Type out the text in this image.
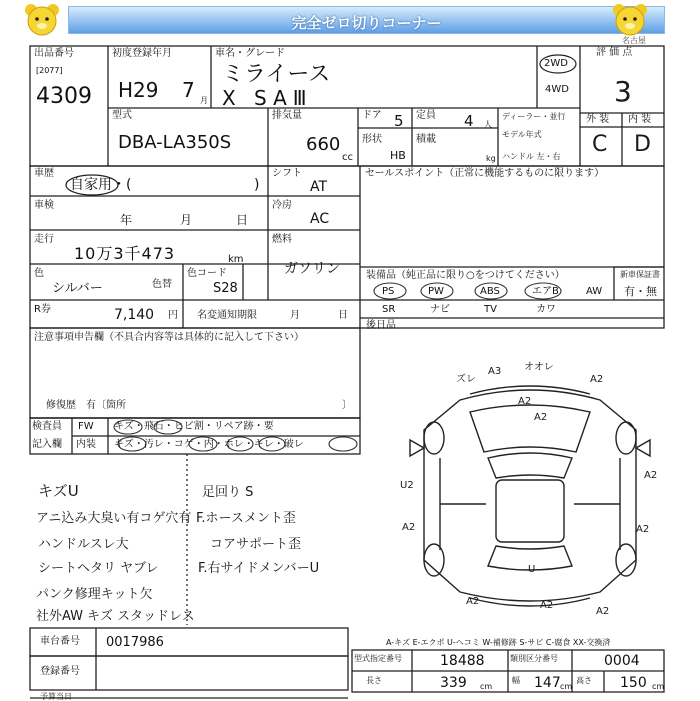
完全ゼロ切りコーナー
名古屋
出品番号
[2077]
4309
初度登録年月
H29 7 月
車名・グレード
ミライース
X SAⅢ
2WD
4WD
評 価 点
3
外 装 内 装
C D
型式
DBA-LA350S
排気量
660
cc
ドア 5 定員 4 人
形状
HB
積載
kg
ディーラー・並行
モデル年式
ハンドル 左・右
車歴
自家用・(	)
シフト
AT
セールスポイント（正常に機能するものに限ります）
車検
年	月	日
冷房
AC
走行
10万3千473	km
燃料
ガソリン
色
シルバー	色替
色コード
S28
装備品（純正品に限り○をつけてください）	新車保証書
有・無
PS	PW	ABS	エアB	AW
SR	ナビ	TV	カワ
R券	7,140 円 名変通知期限	月	日
後日品
注意事項申告欄（不具合内容等は具体的に記入して下さい）
修復歴　有〔箇所	〕
検査員
記入欄
FW キズ・飛石・ヒビ割・リペア跡・要
内装 キズ・汚レ・コゲ・内・ホレ・キレ・破レ
キズU
アニ込み大臭い有コゲ穴有
ハンドルスレ大
シートヘタリ ヤブレ
パンク修理キット欠
社外AW キズ スタッドレス
足回り S
F.ホースメント歪
コアサポート歪
F.右サイドメンバーU
A3 オオレ
A2
A2
A2
ズレ
U2
A2
A2	A2
A2
A2
A2
U
A-キズ E-エクボ U-ヘコミ W-補修跡 S-サビ C-腐食 XX-交換済
車台番号 0017986
登録番号
型式指定番号	18488	類別区分番号	0004
長さ	339 cm
幅 147 cm
高さ 150 cm
予算当日
